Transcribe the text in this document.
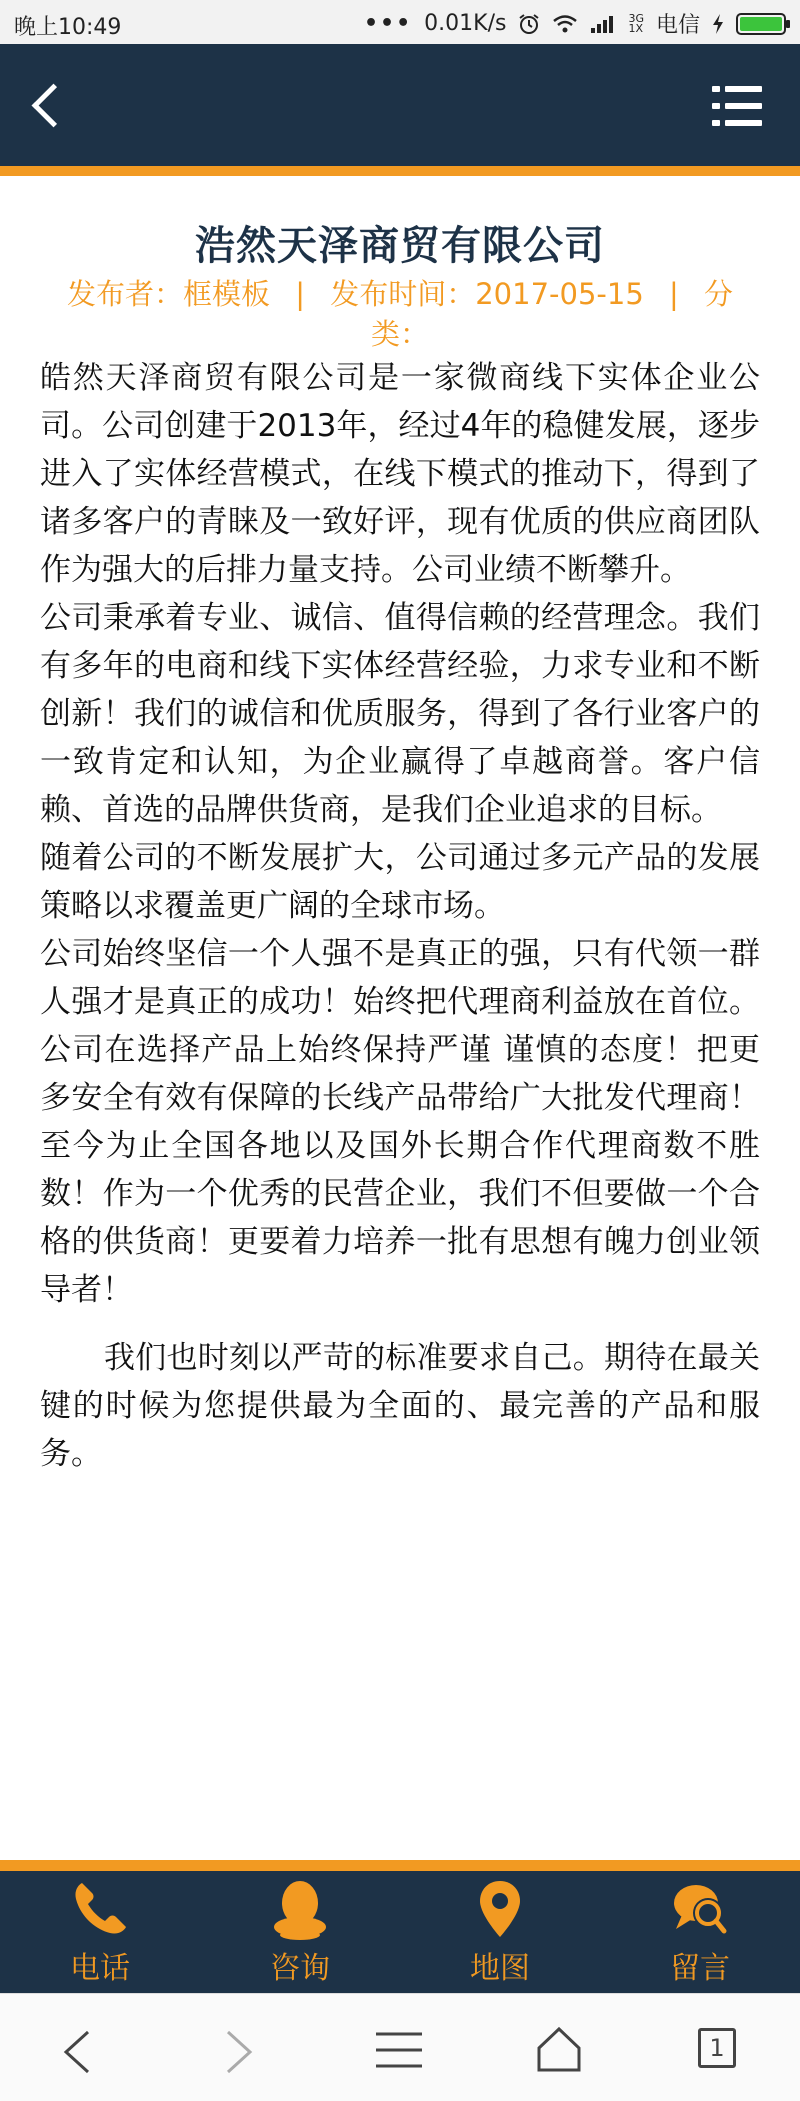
晚上10:49	••• 0.01K/s	3G
1X 电信
浩然天泽商贸有限公司
发布者：框模板 | 发布时间：2017-05-15 | 分类：

皓然天泽商贸有限公司是一家微商线下实体企业公司。公司创建于2013年，经过4年的稳健发展，逐步进入了实体经营模式，在线下模式的推动下，得到了诸多客户的青睐及一致好评，现有优质的供应商团队作为强大的后排力量支持。公司业绩不断攀升。

公司秉承着专业、诚信、值得信赖的经营理念。我们有多年的电商和线下实体经营经验，力求专业和不断创新！我们的诚信和优质服务，得到了各行业客户的一致肯定和认知，为企业赢得了卓越商誉。客户信赖、首选的品牌供货商，是我们企业追求的目标。

随着公司的不断发展扩大，公司通过多元产品的发展策略以求覆盖更广阔的全球市场。

公司始终坚信一个人强不是真正的强，只有代领一群人强才是真正的成功！始终把代理商利益放在首位。公司在选择产品上始终保持严谨 谨慎的态度！把更多安全有效有保障的长线产品带给广大批发代理商！至今为止全国各地以及国外长期合作代理商数不胜数！作为一个优秀的民营企业，我们不但要做一个合格的供货商！更要着力培养一批有思想有魄力创业领导者！

我们也时刻以严苛的标准要求自己。期待在最关键的时候为您提供最为全面的、最完善的产品和服务。

电话	咨询	地图	留言
1
